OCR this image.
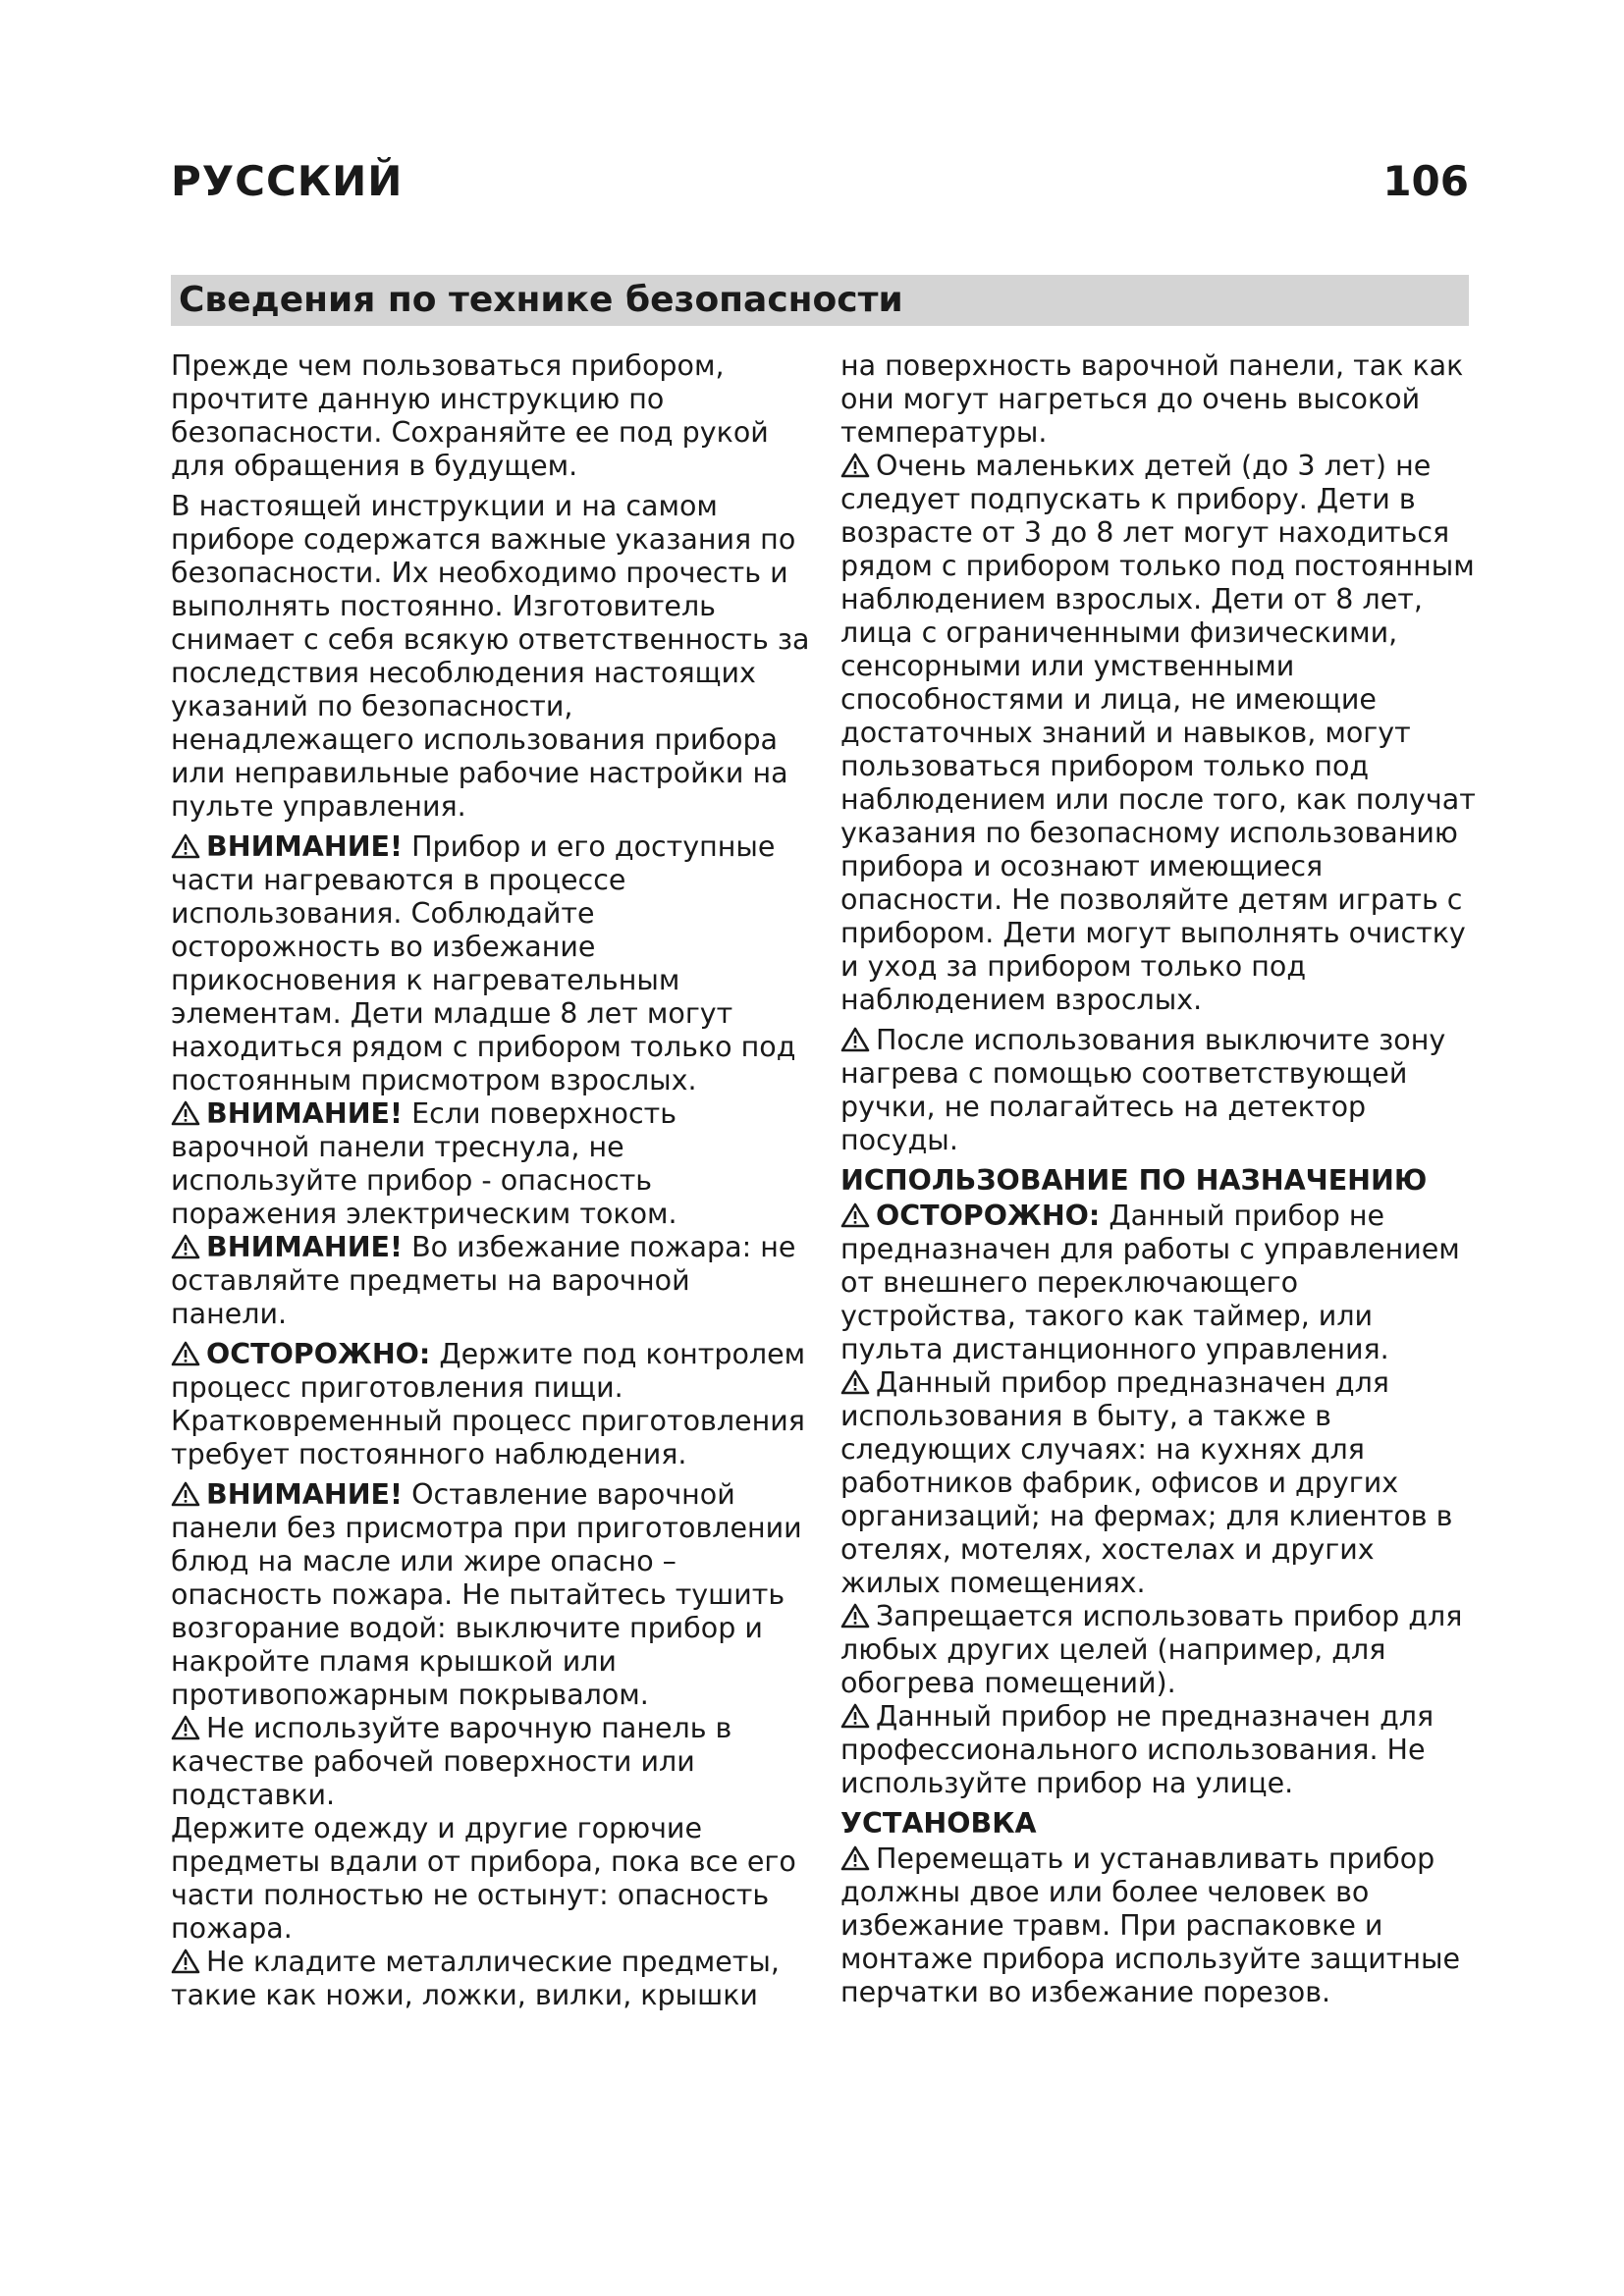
РУССКИЙ	106
Сведения по технике безопасности

Прежде чем пользоваться прибором, прочтите данную инструкцию по безопасности. Сохраняйте ее под рукой для обращения в будущем.

В настоящей инструкции и на самом приборе содержатся важные указания по безопасности. Их необходимо прочесть и выполнять постоянно. Изготовитель снимает с себя всякую ответственность за последствия несоблюдения настоящих указаний по безопасности, ненадлежащего использования прибора или неправильные рабочие настройки на пульте управления.

ВНИМАНИЕ! Прибор и его доступные части нагреваются в процессе использования. Соблюдайте осторожность во избежание прикосновения к нагревательным элементам. Дети младше 8 лет могут находиться рядом с прибором только под постоянным присмотром взрослых.

ВНИМАНИЕ! Если поверхность варочной панели треснула, не используйте прибор - опасность поражения электрическим током.

ВНИМАНИЕ! Во избежание пожара: не оставляйте предметы на варочной панели.

ОСТОРОЖНО: Держите под контролем процесс приготовления пищи. Кратковременный процесс приготовления требует постоянного наблюдения.

ВНИМАНИЕ! Оставление варочной панели без присмотра при приготовлении блюд на масле или жире опасно – опасность пожара. Не пытайтесь тушить возгорание водой: выключите прибор и накройте пламя крышкой или противопожарным покрывалом.

Не используйте варочную панель в качестве рабочей поверхности или подставки.

Держите одежду и другие горючие предметы вдали от прибора, пока все его части полностью не остынут: опасность пожара.

Не кладите металлические предметы, такие как ножи, ложки, вилки, крышки

на поверхность варочной панели, так как они могут нагреться до очень высокой температуры.

Очень маленьких детей (до 3 лет) не следует подпускать к прибору. Дети в возрасте от 3 до 8 лет могут находиться рядом с прибором только под постоянным наблюдением взрослых. Дети от 8 лет, лица с ограниченными физическими, сенсорными или умственными способностями и лица, не имеющие достаточных знаний и навыков, могут пользоваться прибором только под наблюдением или после того, как получат указания по безопасному использованию прибора и осознают имеющиеся опасности. Не позволяйте детям играть с прибором. Дети могут выполнять очистку и уход за прибором только под наблюдением взрослых.

После использования выключите зону нагрева с помощью соответствующей ручки, не полагайтесь на детектор посуды.

ИСПОЛЬЗОВАНИЕ ПО НАЗНАЧЕНИЮ

ОСТОРОЖНО: Данный прибор не предназначен для работы с управлением от внешнего переключающего устройства, такого как таймер, или пульта дистанционного управления.

Данный прибор предназначен для использования в быту, а также в следующих случаях: на кухнях для работников фабрик, офисов и других организаций; на фермах; для клиентов в отелях, мотелях, хостелах и других жилых помещениях.

Запрещается использовать прибор для любых других целей (например, для обогрева помещений).

Данный прибор не предназначен для профессионального использования. Не используйте прибор на улице.

УСТАНОВКА

Перемещать и устанавливать прибор должны двое или более человек во избежание травм. При распаковке и монтаже прибора используйте защитные перчатки во избежание порезов.
